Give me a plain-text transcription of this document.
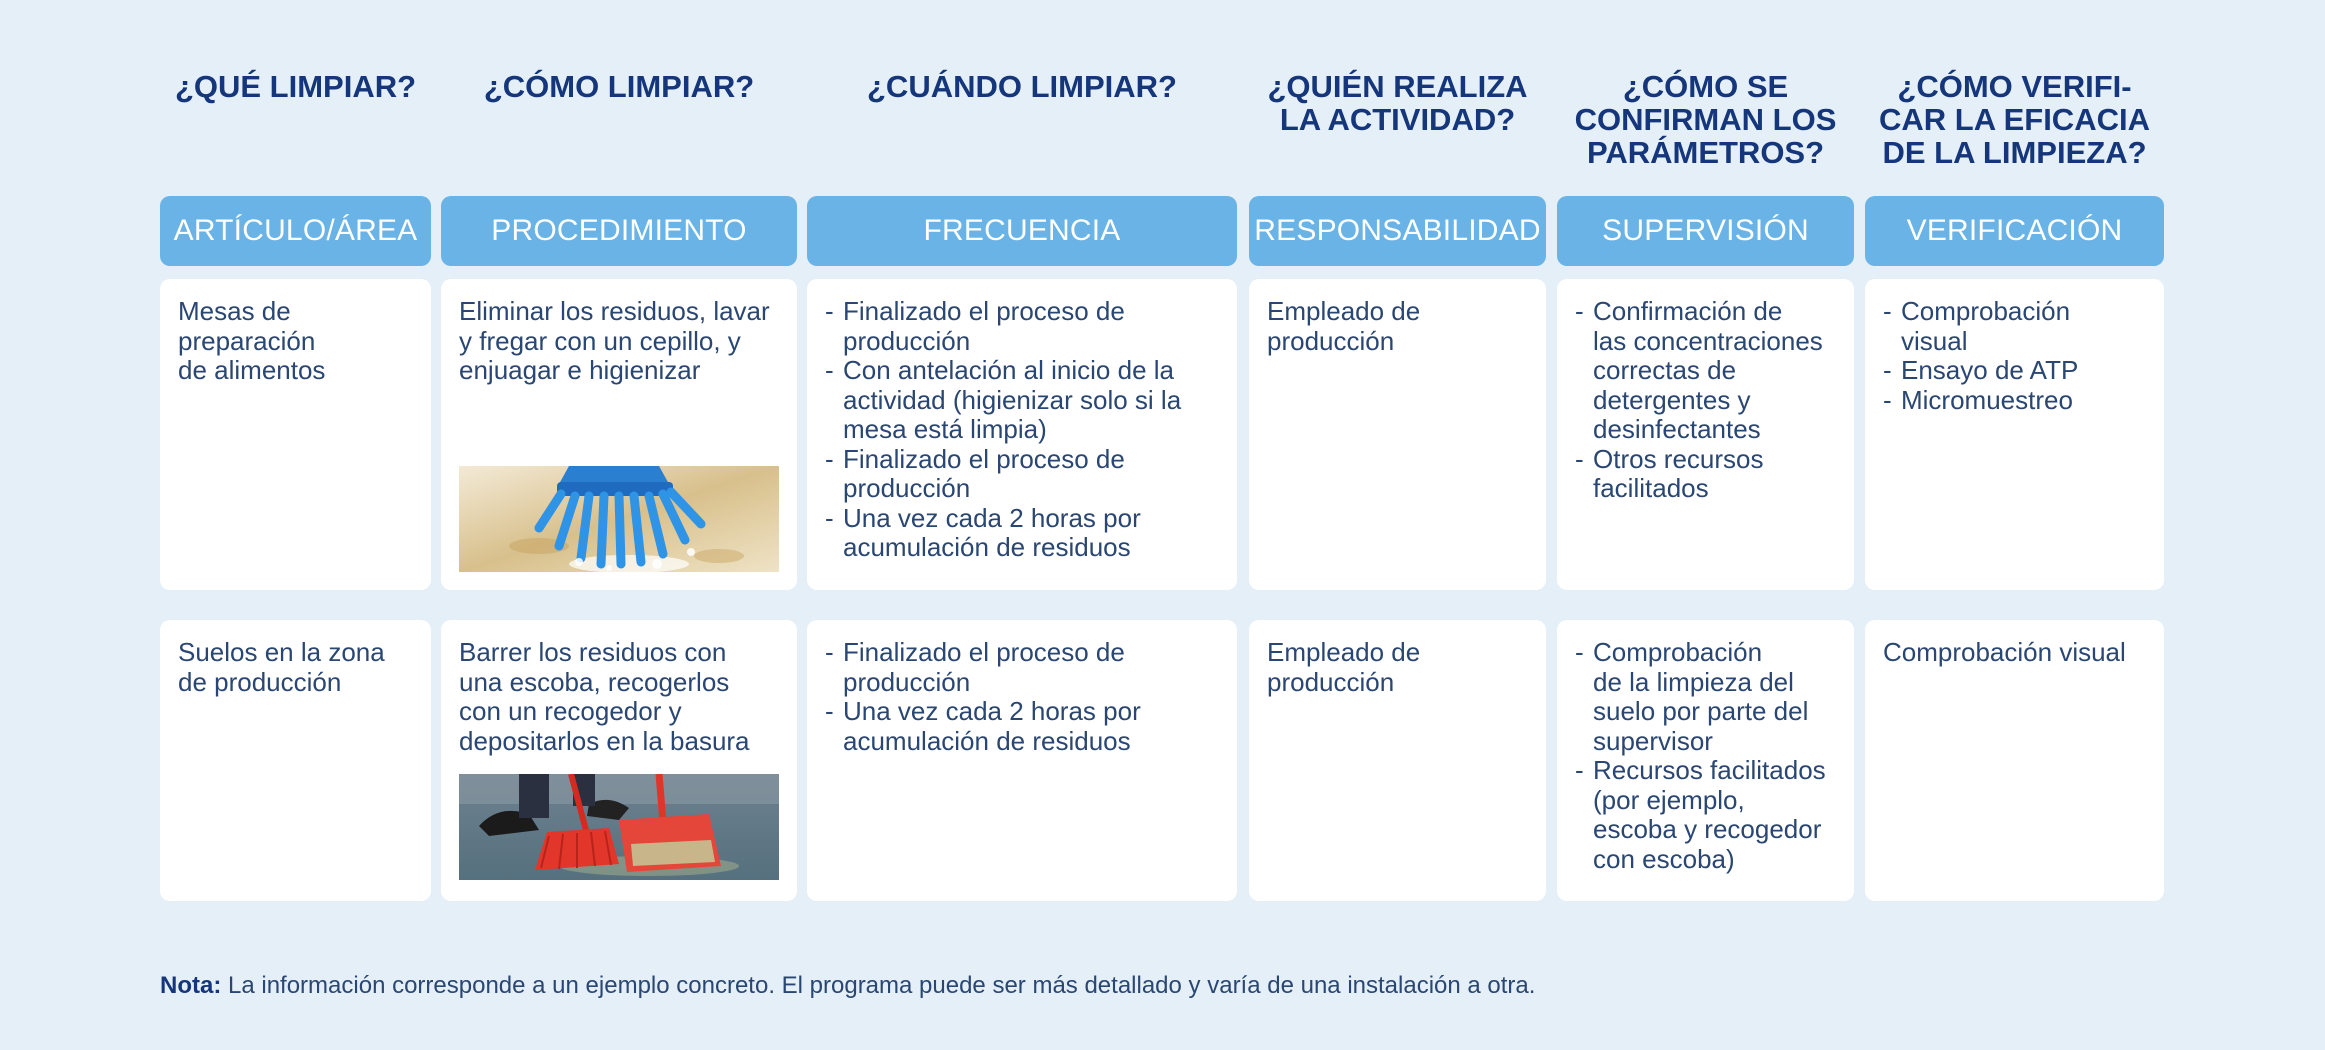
¿QUÉ LIMPIAR?
ARTÍCULO/ÁREA
Mesas de
preparación
de alimentos
Suelos en la zona
de producción
¿CÓMO LIMPIAR?
PROCEDIMIENTO
Eliminar los residuos, lavar
y fregar con un cepillo, y
enjuagar e higienizar
Barrer los residuos con
una escoba, recogerlos
con un recogedor y
depositarlos en la basura
¿CUÁNDO LIMPIAR?
FRECUENCIA
- Finalizado el proceso de
producción
- Con antelación al inicio de la
actividad (higienizar solo si la
mesa está limpia)
- Finalizado el proceso de
producción
- Una vez cada 2 horas por
acumulación de residuos
- Finalizado el proceso de
producción
- Una vez cada 2 horas por
acumulación de residuos
¿QUIÉN REALIZA
LA ACTIVIDAD?
RESPONSABILIDAD
Empleado de
producción
Empleado de
producción
¿CÓMO SE
CONFIRMAN LOS
PARÁMETROS?
SUPERVISIÓN
- Confirmación de
las concentraciones
correctas de
detergentes y
desinfectantes
- Otros recursos
facilitados
- Comprobación
de la limpieza del
suelo por parte del
supervisor
- Recursos facilitados
(por ejemplo,
escoba y recogedor
con escoba)
¿CÓMO VERIFI-
CAR LA EFICACIA
DE LA LIMPIEZA?
VERIFICACIÓN
- Comprobación
visual
- Ensayo de ATP
- Micromuestreo
Comprobación visual
Nota: La información corresponde a un ejemplo concreto. El programa puede ser más detallado y varía de una instalación a otra.
